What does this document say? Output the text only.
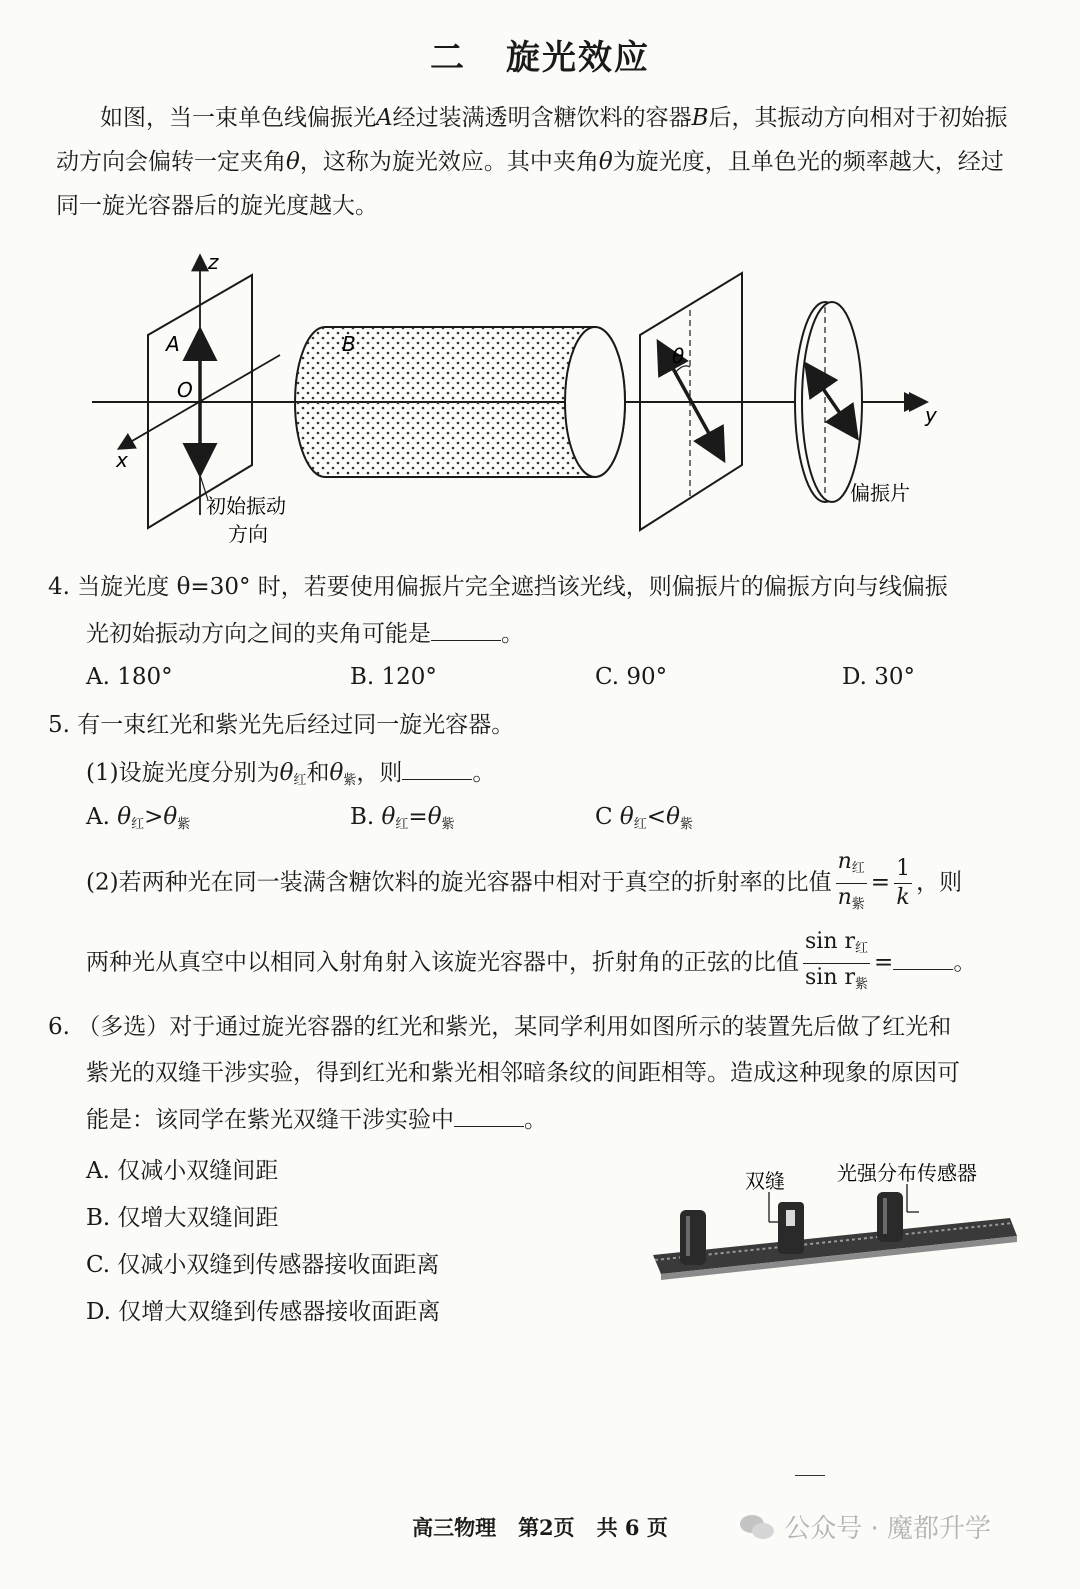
二 旋光效应
如图，当一束单色线偏振光A经过装满透明含糖饮料的容器B后，其振动方向相对于初始振动方向会偏转一定夹角θ，这称为旋光效应。其中夹角θ为旋光度，且单色光的频率越大，经过同一旋光容器后的旋光度越大。
y
z
x
A
O
初始振动
方向
B	θ
偏振片
4. 当旋光度 θ=30° 时，若要使用偏振片完全遮挡该光线，则偏振片的偏振方向与线偏振
光初始振动方向之间的夹角可能是	。
A. 180°	B. 120°	C. 90°	D. 30°
5. 有一束红光和紫光先后经过同一旋光容器。
(1)设旋光度分别为$\theta_红$和$\theta_紫$，则	。
A. $\theta_红>\theta_紫$	B. $\theta_红=\theta_紫$	C $\theta_红<\theta_紫$
(2)若两种光在同一装满含糖饮料的旋光容器中相对于真空的折射率的比值 $\frac{n_红}{n_紫} = \frac{1}{k}$ ，则
两种光从真空中以相同入射角射入该旋光容器中，折射角的正弦的比值 $\frac{\sin r_红}{\sin r_紫}$ =	。
6. （多选）对于通过旋光容器的红光和紫光，某同学利用如图所示的装置先后做了红光和
紫光的双缝干涉实验，得到红光和紫光相邻暗条纹的间距相等。造成这种现象的原因可
能是：该同学在紫光双缝干涉实验中	。
A. 仅减小双缝间距
B. 仅增大双缝间距
C. 仅减小双缝到传感器接收面距离
D. 仅增大双缝到传感器接收面距离
双缝	光强分布传感器
高三物理 第2页 共 6 页	公众号 · 魔都升学
